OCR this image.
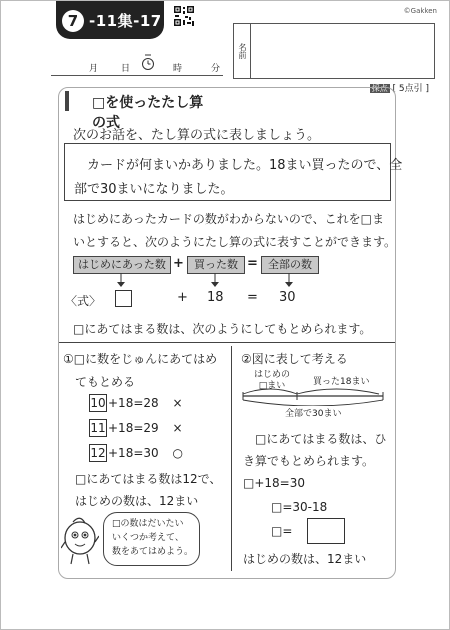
7 -11集-17
©Gakken
名前
月	日	時	分
採点 [ 5点引 ]
□を使ったたし算の式
次のお話を、たし算の式に表しましょう。
カードが何まいかありました。18まい買ったので、全
部で30まいになりました。
はじめにあったカードの数がわからないので、これを□ま
いとすると、次のようにたし算の式に表すことができます。
はじめにあった数 + 買った数 = 全部の数
〈式〉	+ 18 = 30
□にあてはまる数は、次のようにしてもとめられます。
①□に数をじゅんにあてはめ
てもとめる
10 +18=28 ×
11 +18=29 ×
12 +18=30 ○
□にあてはまる数は12で、
はじめの数は、12まい
□の数はだいたい
いくつか考えて、
数をあてはめよう。
②図に表して考える
はじめの
□まい	買った18まい
全部で30まい
□にあてはまる数は、ひ
き算でもとめられます。
□+18=30
□=30-18
□=
はじめの数は、12まい
